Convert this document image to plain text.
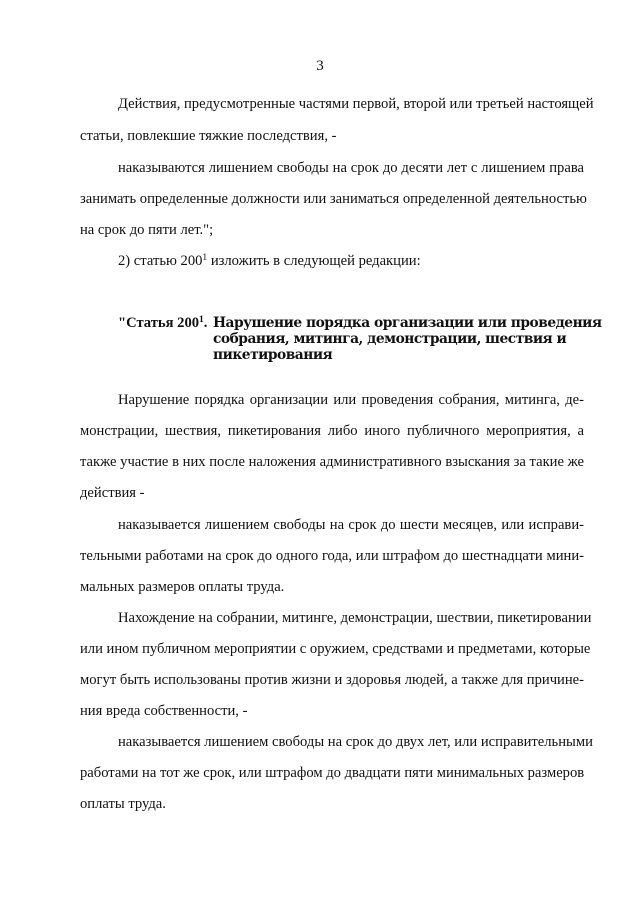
3
Действия, предусмотренные частями первой, второй или третьей настоящей
статьи, повлекшие тяжкие последствия, -
наказываются лишением свободы на срок до десяти лет с лишением права
занимать определенные должности или заниматься определенной деятельностью
на срок до пяти лет.";
2) статью $200^1$ изложить в следующей редакции:
"Статья $200^1$. Нарушение порядка организации или проведения
собрания, митинга, демонстрации, шествия и
пикетирования
Нарушение порядка организации или проведения собрания, митинга, де-
монстрации, шествия, пикетирования либо иного публичного мероприятия, а
также участие в них после наложения административного взыскания за такие же
действия -
наказывается лишением свободы на срок до шести месяцев, или исправи-
тельными работами на срок до одного года, или штрафом до шестнадцати мини-
мальных размеров оплаты труда.
Нахождение на собрании, митинге, демонстрации, шествии, пикетировании
или ином публичном мероприятии с оружием, средствами и предметами, которые
могут быть использованы против жизни и здоровья людей, а также для причине-
ния вреда собственности, -
наказывается лишением свободы на срок до двух лет, или исправительными
работами на тот же срок, или штрафом до двадцати пяти минимальных размеров
оплаты труда.
